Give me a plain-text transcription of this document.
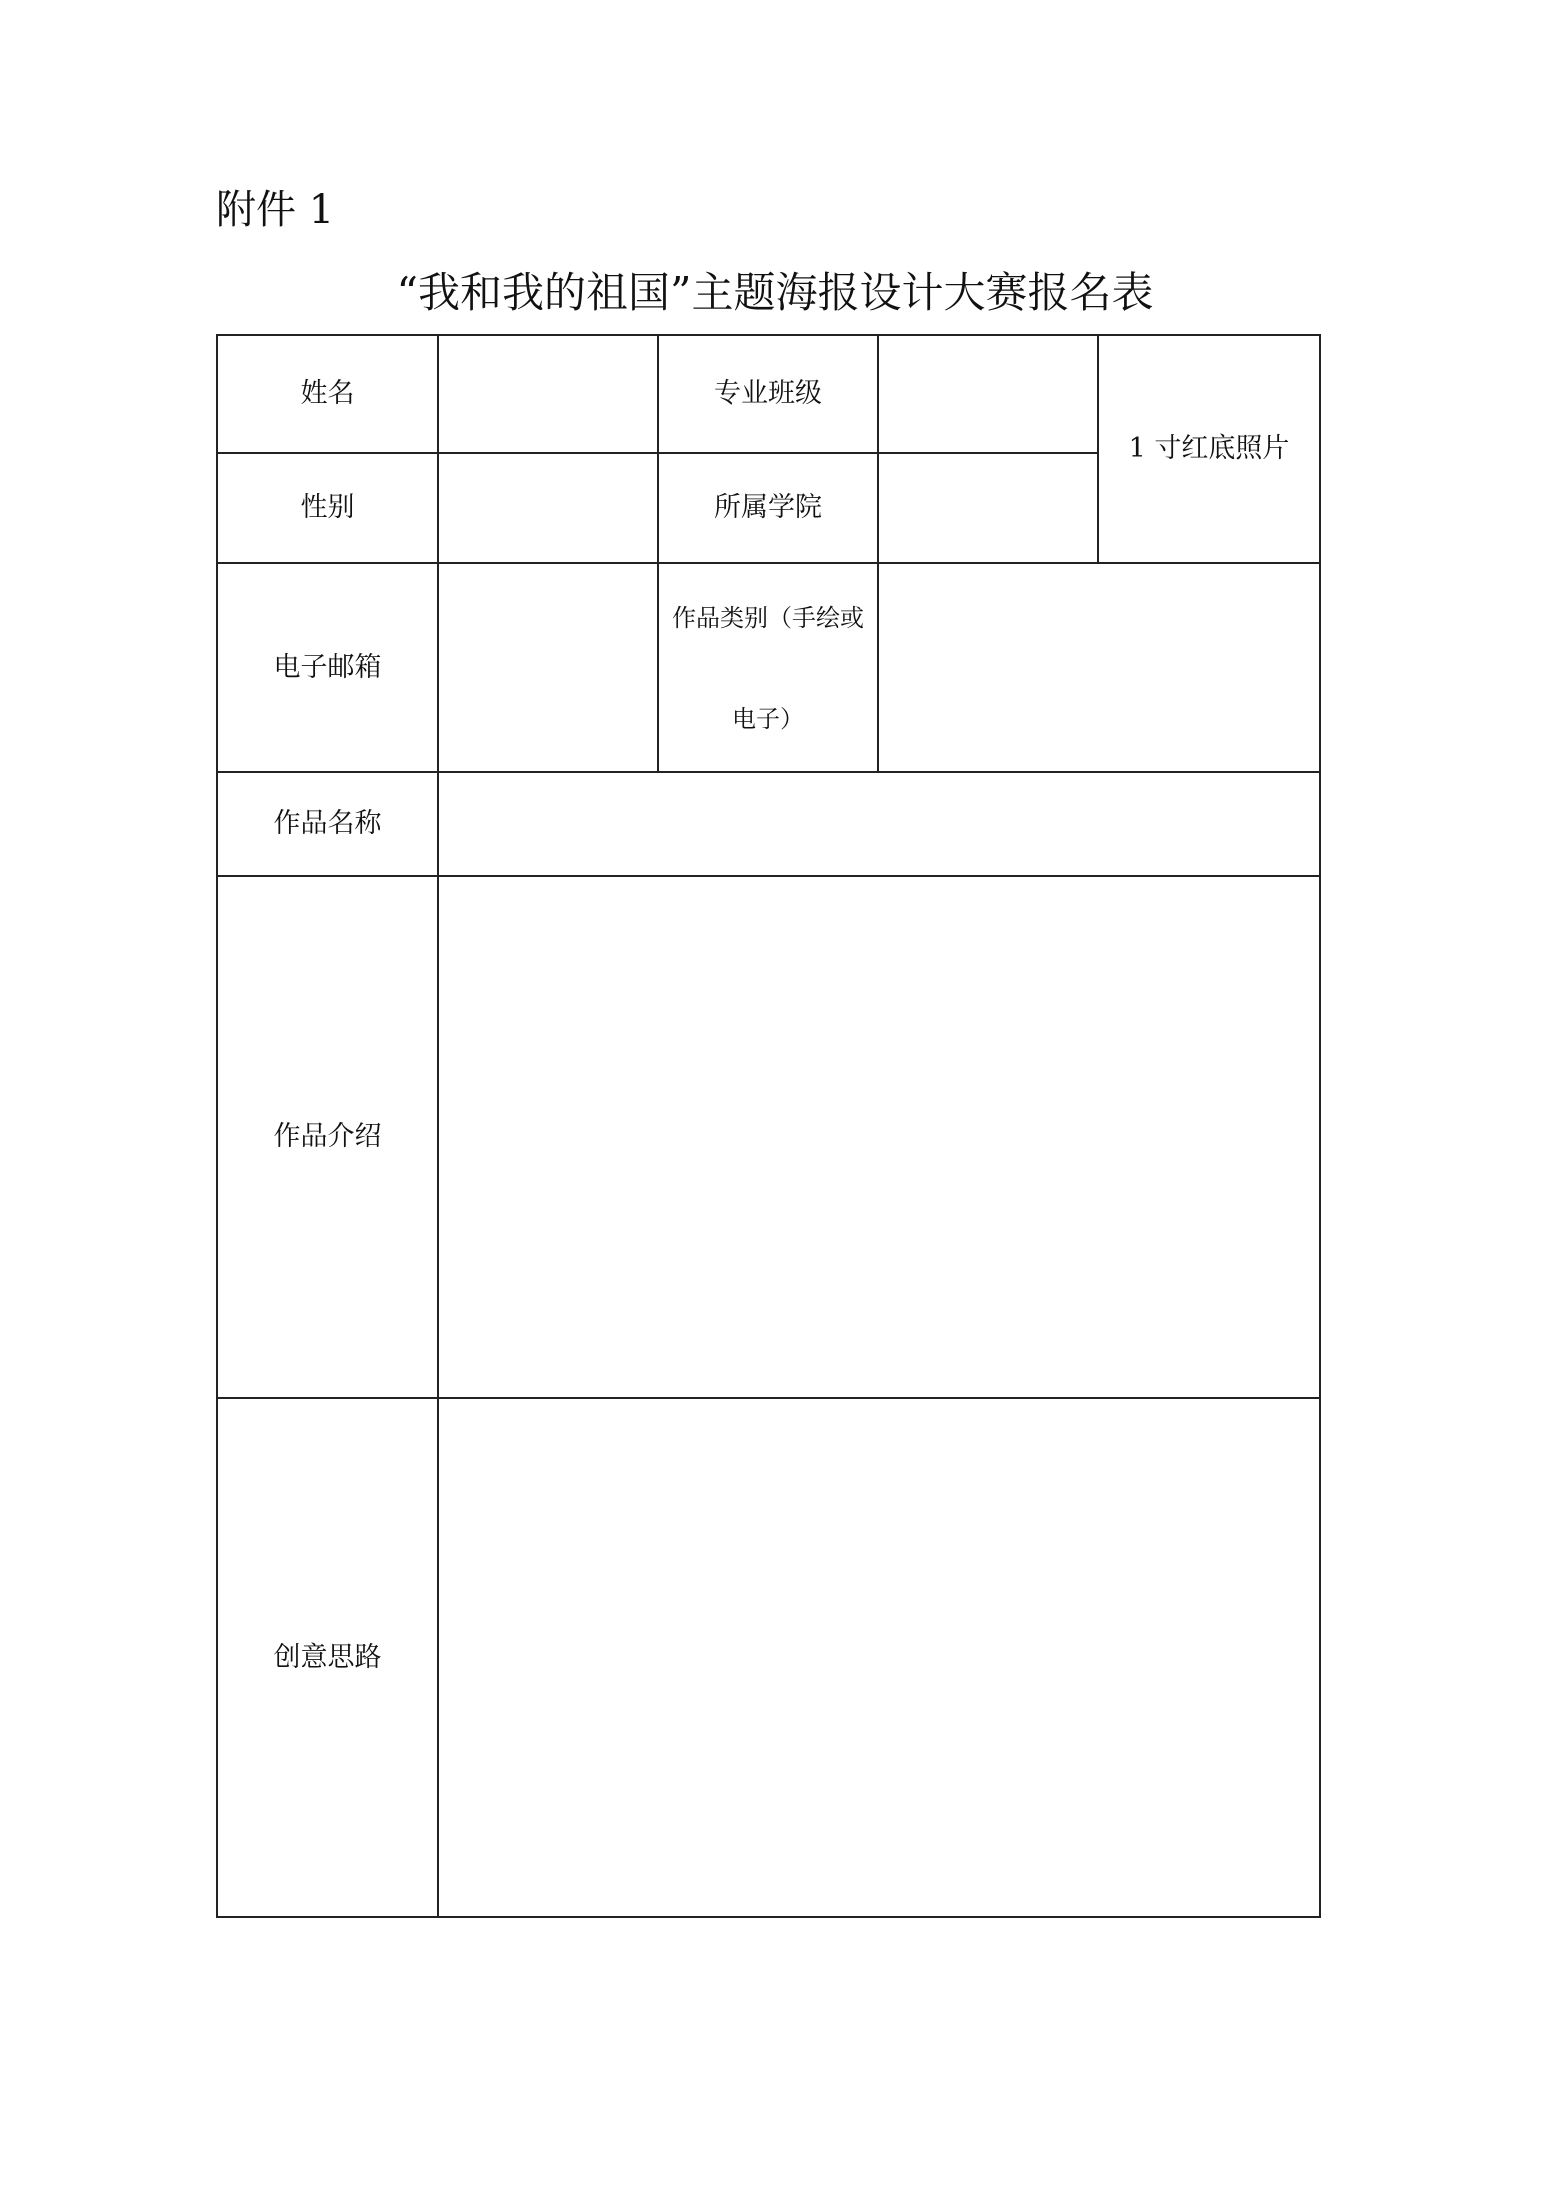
附件 1
“我和我的祖国”主题海报设计大赛报名表
姓名	专业班级
1 寸红底照片
性别	所属学院
电子邮箱
作品类别（手绘或
电子）
作品名称
作品介绍
创意思路
